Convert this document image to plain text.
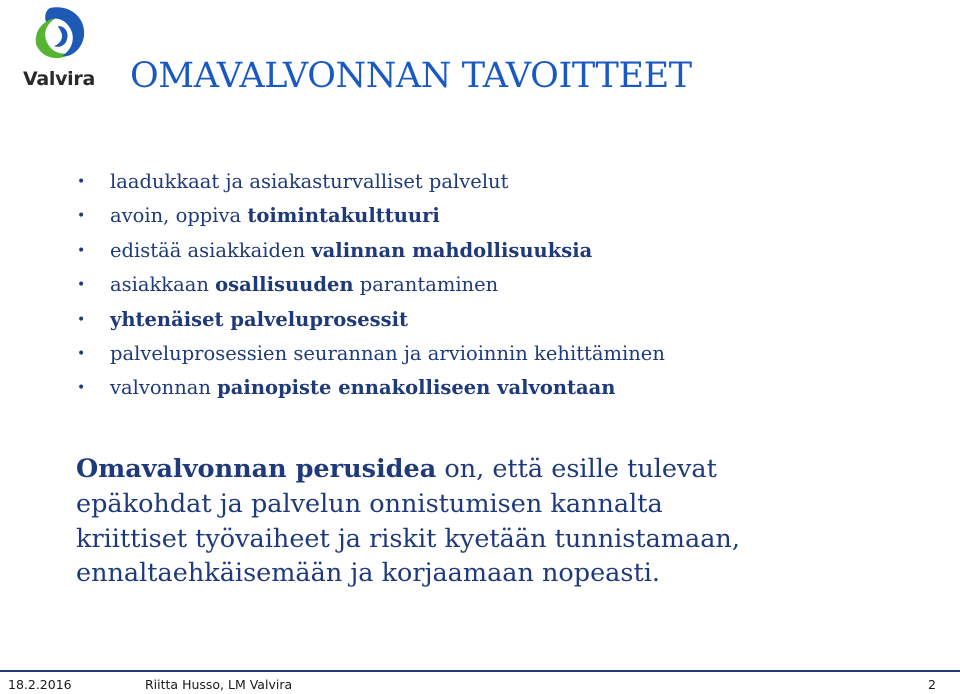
Valvira OMAVALVONNAN TAVOITTEET
• laadukkaat ja asiakasturvalliset palvelut
• avoin, oppiva toimintakulttuuri
• edistää asiakkaiden valinnan mahdollisuuksia
• asiakkaan osallisuuden parantaminen
• yhtenäiset palveluprosessit
• palveluprosessien seurannan ja arvioinnin kehittäminen
• valvonnan painopiste ennakolliseen valvontaan
Omavalvonnan perusidea on, että esille tulevat
epäkohdat ja palvelun onnistumisen kannalta
kriittiset työvaiheet ja riskit kyetään tunnistamaan,
ennaltaehkäisemään ja korjaamaan nopeasti.
18.2.2016	Riitta Husso, LM Valvira	2
